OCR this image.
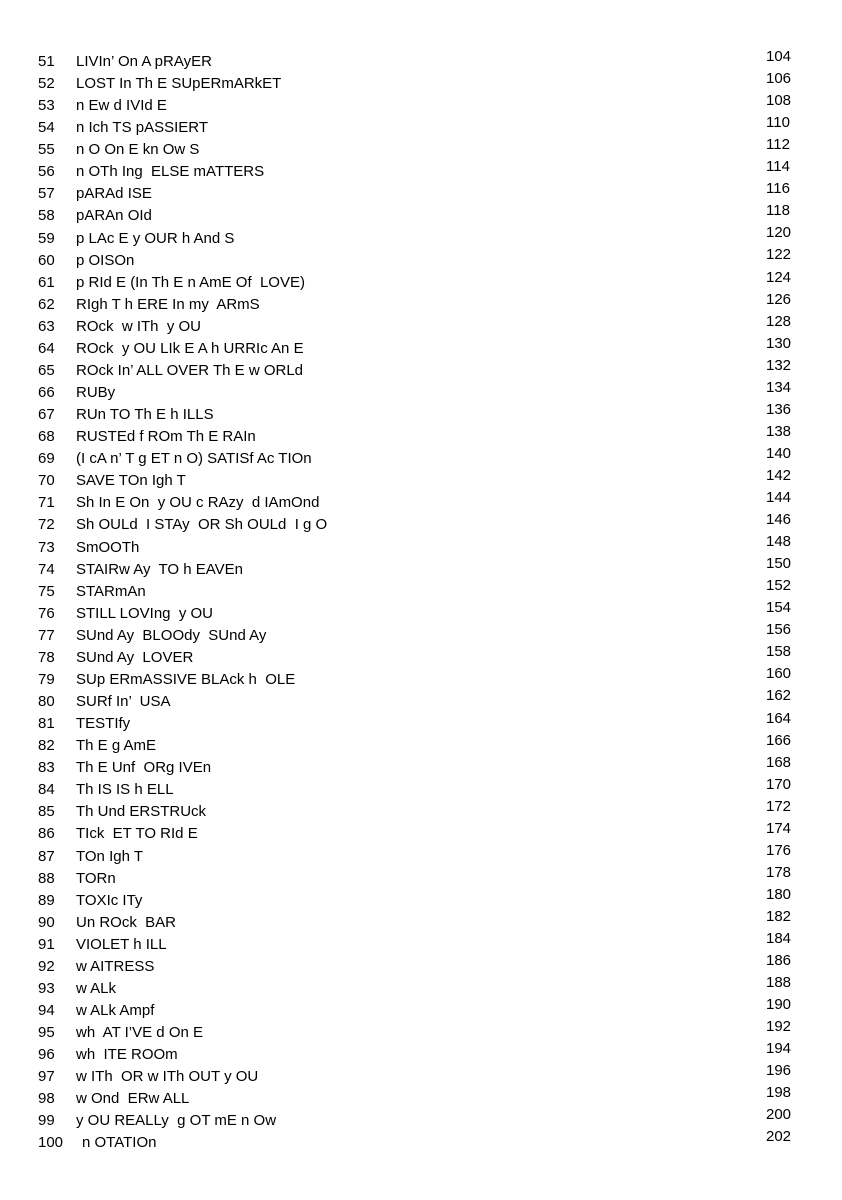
51	LIVIn’ On A pRAyER	104
52	LOST In Th E SUpERmARkET	106
53	n Ew d IVId E	108
54	n Ich TS pASSIERT	110
55	n O On E kn Ow S	112
56	n OTh Ing  ELSE mATTERS	114
57	pARAd ISE	116
58	pARAn OId	118
59	p LAc E y OUR h And S	120
60	p OISOn	122
61	p RId E (In Th E n AmE Of  LOVE)	124
62	RIgh T h ERE In my  ARmS	126
63	ROck  w ITh  y OU	128
64	ROck  y OU LIk E A h URRIc An E	130
65	ROck In’ ALL OVER Th E w ORLd	132
66	RUBy	134
67	RUn TO Th E h ILLS	136
68	RUSTEd f ROm Th E RAIn	138
69	(I cA n’ T g ET n O) SATISf Ac TIOn	140
70	SAVE TOn Igh T	142
71	Sh In E On  y OU c RAzy  d IAmOnd	144
72	Sh OULd  I STAy  OR Sh OULd  I g O	146
73	SmOOTh	148
74	STAIRw Ay  TO h EAVEn	150
75	STARmAn	152
76	STILL LOVIng  y OU	154
77	SUnd Ay  BLOOdy  SUnd Ay	156
78	SUnd Ay  LOVER	158
79	SUp ERmASSIVE BLAck h  OLE	160
80	SURf In’  USA	162
81	TESTIfy	164
82	Th E g AmE	166
83	Th E Unf  ORg IVEn	168
84	Th IS IS h ELL	170
85	Th Und ERSTRUck	172
86	TIck  ET TO RId E	174
87	TOn Igh T	176
88	TORn	178
89	TOXIc ITy	180
90	Un ROck  BAR	182
91	VIOLET h ILL	184
92	w AITRESS	186
93	w ALk	188
94	w ALk Ampf	190
95	wh  AT I’VE d On E	192
96	wh  ITE ROOm	194
97	w ITh  OR w ITh OUT y OU	196
98	w Ond  ERw ALL	198
99	y OU REALLy  g OT mE n Ow	200
100	n OTATIOn	202
